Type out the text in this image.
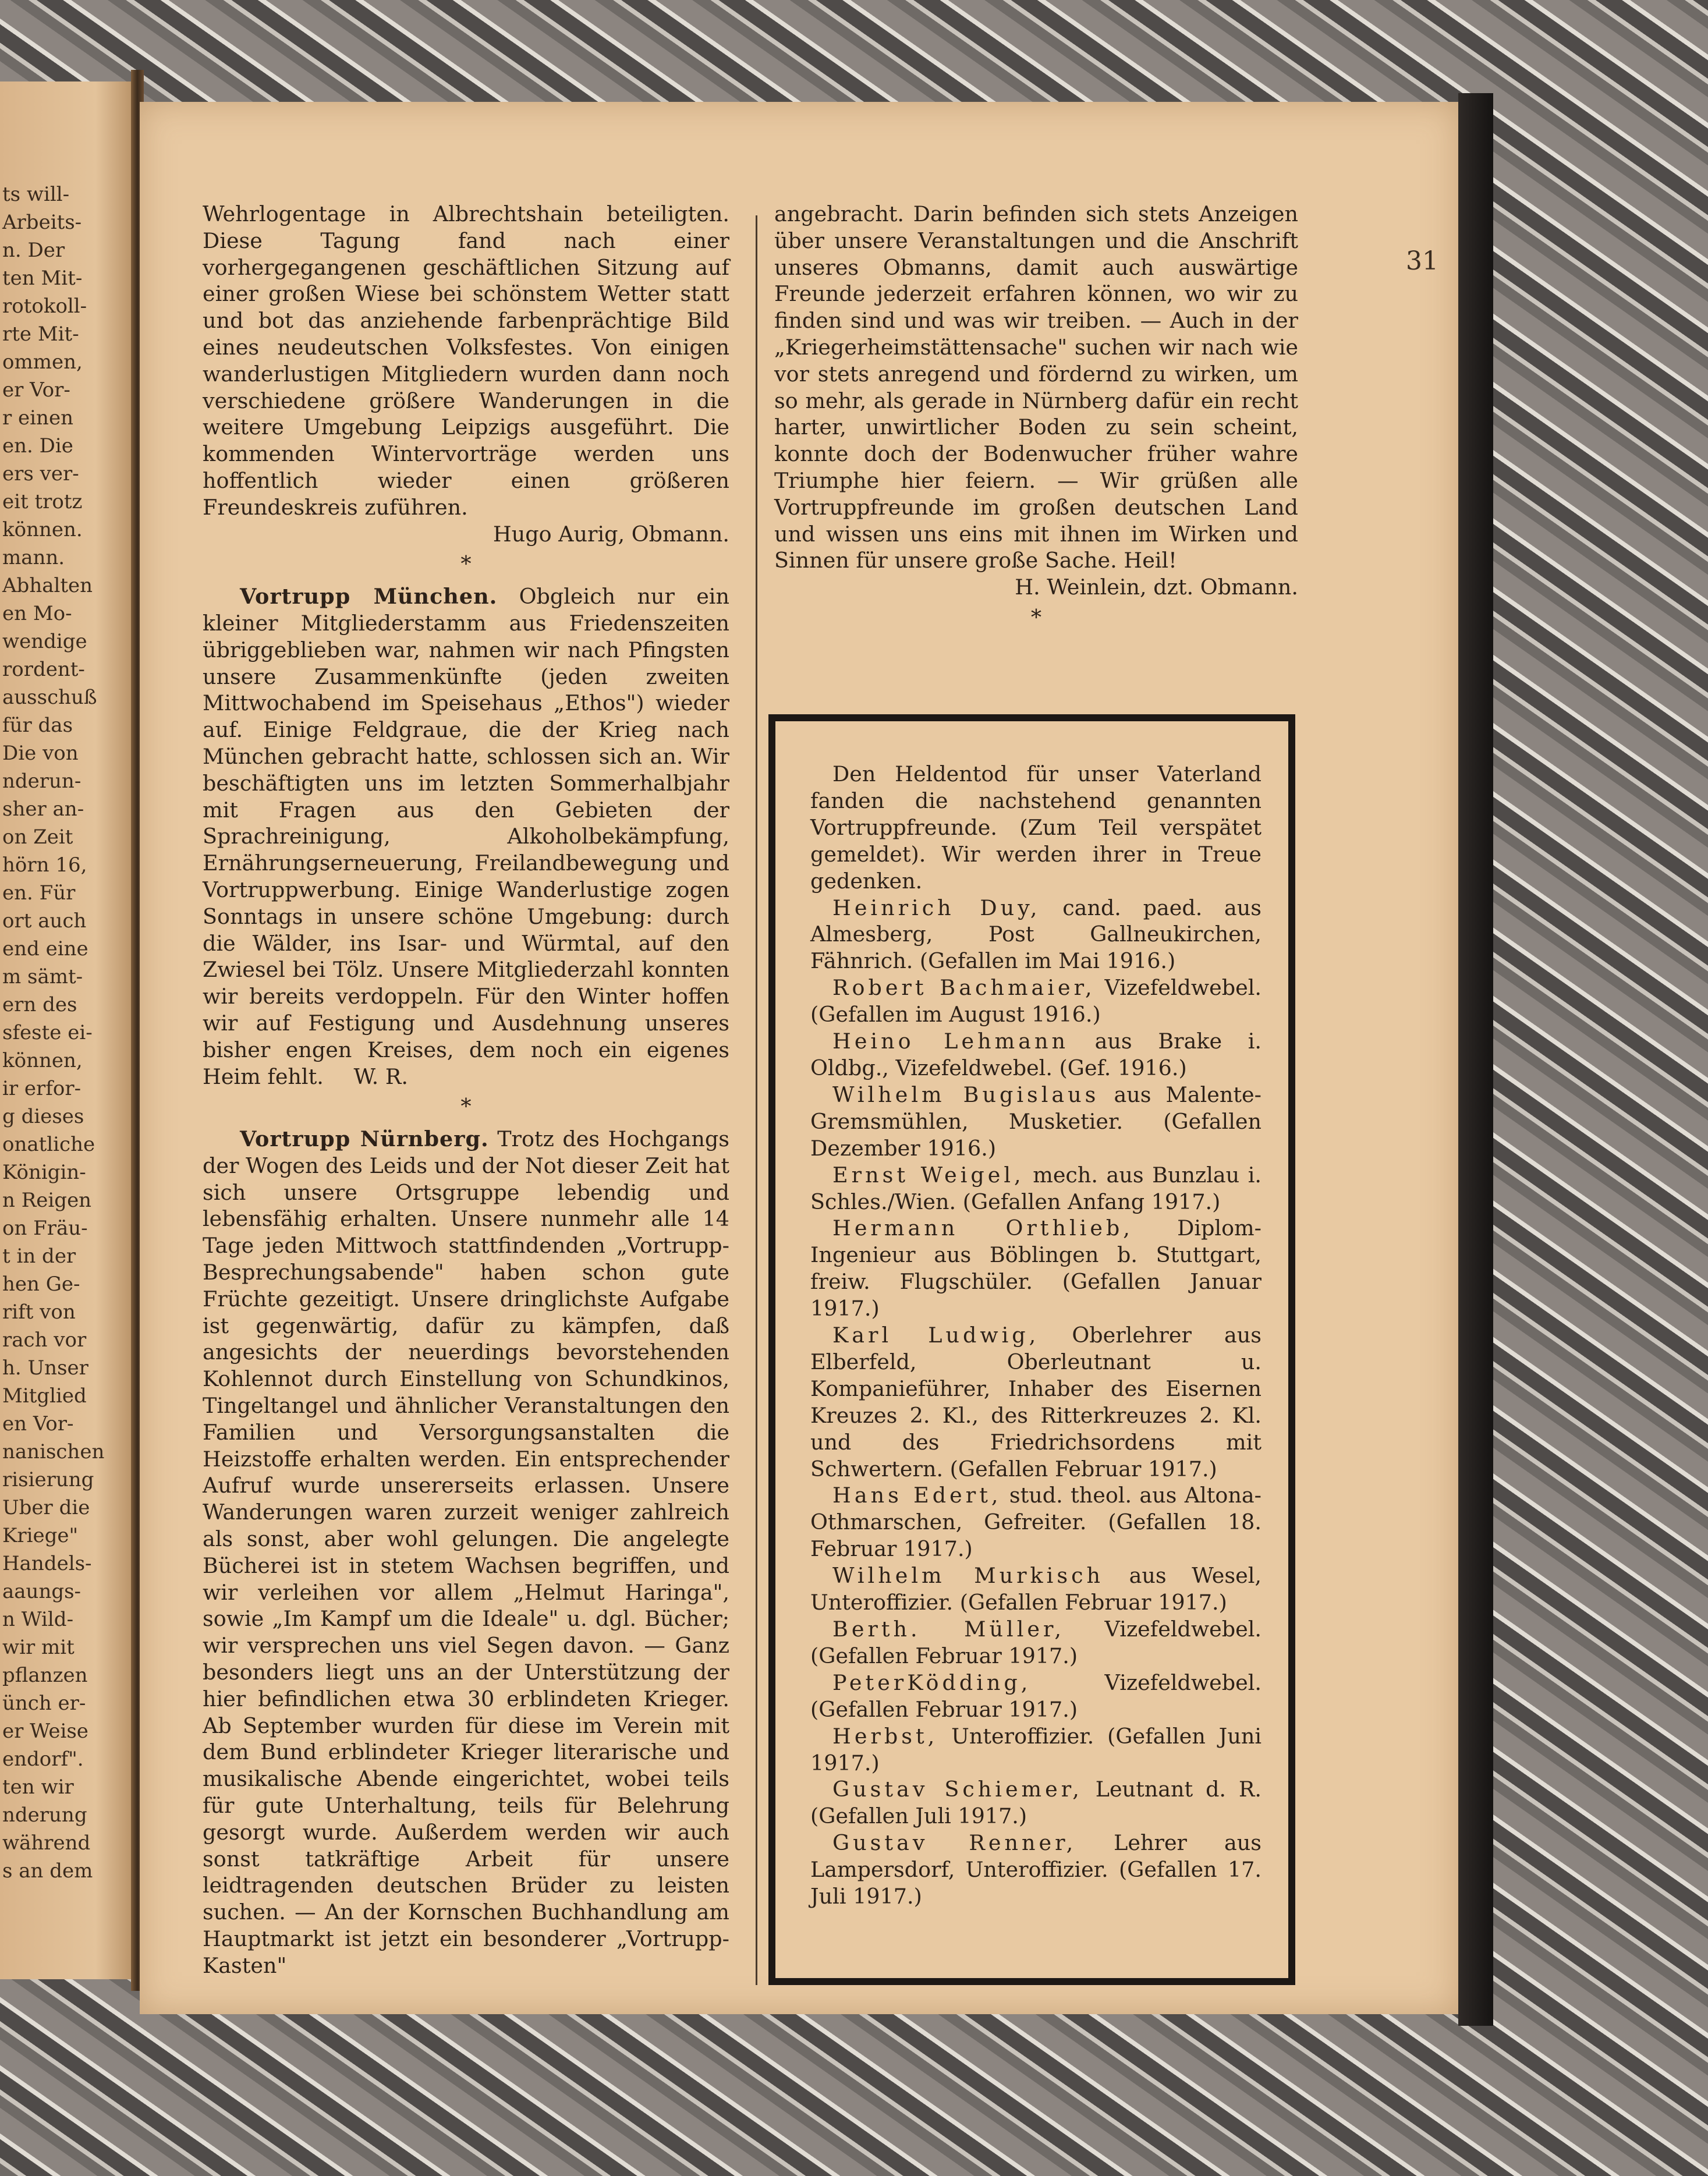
ts will-
Arbeits-
n. Der
ten Mit-
rotokoll-
rte Mit-
ommen,
er Vor-
r einen
en. Die
ers ver-
eit trotz
können.
mann.
Abhalten
en Mo-
wendige
rordent-
ausschuß
für das
Die von
nderun-
sher an-
on Zeit
hörn 16,
en. Für
ort auch
end eine
m sämt-
ern des
sfeste ei-
können,
ir erfor-
g dieses
onatliche
Königin-
n Reigen
on Fräu-
t in der
hen Ge-
rift von
rach vor
h. Unser
Mitglied
en Vor-
nanischen
risierung
Uber die
Kriege"
Handels-
aaungs-
n Wild-
wir mit
pflanzen
ünch er-
er Weise
endorf".
ten wir
nderung
während
s an dem
31

Wehrlogentage in Albrechtshain beteiligten. Diese Tagung fand nach einer vorhergegangenen geschäftlichen Sitzung auf einer großen Wiese bei schönstem Wetter statt und bot das anziehende farbenprächtige Bild eines neudeutschen Volksfestes. Von einigen wanderlustigen Mitgliedern wurden dann noch verschiedene größere Wanderungen in die weitere Umgebung Leipzigs ausgeführt. Die kommenden Wintervorträge werden uns hoffentlich wieder einen größeren Freundeskreis zuführen.

Hugo Aurig, Obmann.

*

Vortrupp München. Obgleich nur ein kleiner Mitgliederstamm aus Friedenszeiten übriggeblieben war, nahmen wir nach Pfingsten unsere Zusammenkünfte (jeden zweiten Mittwochabend im Speisehaus „Ethos") wieder auf. Einige Feldgraue, die der Krieg nach München gebracht hatte, schlossen sich an. Wir beschäftigten uns im letzten Sommerhalbjahr mit Fragen aus den Gebieten der Sprachreinigung, Alkoholbekämpfung, Ernährungserneuerung, Freilandbewegung und Vortruppwerbung. Einige Wanderlustige zogen Sonntags in unsere schöne Umgebung: durch die Wälder, ins Isar- und Würmtal, auf den Zwiesel bei Tölz. Unsere Mitgliederzahl konnten wir bereits verdoppeln. Für den Winter hoffen wir auf Festigung und Ausdehnung unseres bisher engen Kreises, dem noch ein eigenes Heim fehlt. W. R.

*

Vortrupp Nürnberg. Trotz des Hochgangs der Wogen des Leids und der Not dieser Zeit hat sich unsere Ortsgruppe lebendig und lebensfähig erhalten. Unsere nunmehr alle 14 Tage jeden Mittwoch stattfindenden „Vortrupp-Besprechungsabende" haben schon gute Früchte gezeitigt. Unsere dringlichste Aufgabe ist gegenwärtig, dafür zu kämpfen, daß angesichts der neuerdings bevorstehenden Kohlennot durch Einstellung von Schundkinos, Tingeltangel und ähnlicher Veranstaltungen den Familien und Versorgungsanstalten die Heizstoffe erhalten werden. Ein entsprechender Aufruf wurde unsererseits erlassen. Unsere Wanderungen waren zurzeit weniger zahlreich als sonst, aber wohl gelungen. Die angelegte Bücherei ist in stetem Wachsen begriffen, und wir verleihen vor allem „Helmut Haringa", sowie „Im Kampf um die Ideale" u. dgl. Bücher; wir versprechen uns viel Segen davon. — Ganz besonders liegt uns an der Unterstützung der hier befindlichen etwa 30 erblindeten Krieger. Ab September wurden für diese im Verein mit dem Bund erblindeter Krieger literarische und musikalische Abende eingerichtet, wobei teils für gute Unterhaltung, teils für Belehrung gesorgt wurde. Außerdem werden wir auch sonst tatkräftige Arbeit für unsere leidtragenden deutschen Brüder zu leisten suchen. — An der Kornschen Buchhandlung am Hauptmarkt ist jetzt ein besonderer „Vortrupp-Kasten"

angebracht. Darin befinden sich stets Anzeigen über unsere Veranstaltungen und die Anschrift unseres Obmanns, damit auch auswärtige Freunde jederzeit erfahren können, wo wir zu finden sind und was wir treiben. — Auch in der „Kriegerheimstättensache" suchen wir nach wie vor stets anregend und fördernd zu wirken, um so mehr, als gerade in Nürnberg dafür ein recht harter, unwirtlicher Boden zu sein scheint, konnte doch der Bodenwucher früher wahre Triumphe hier feiern. — Wir grüßen alle Vortruppfreunde im großen deutschen Land und wissen uns eins mit ihnen im Wirken und Sinnen für unsere große Sache. Heil!

H. Weinlein, dzt. Obmann.

*

Den Heldentod für unser Vaterland fanden die nachstehend genannten Vortruppfreunde. (Zum Teil verspätet gemeldet). Wir werden ihrer in Treue gedenken.

Heinrich Duy, cand. paed. aus Almesberg, Post Gallneukirchen, Fähnrich. (Gefallen im Mai 1916.)

Robert Bachmaier, Vizefeldwebel. (Gefallen im August 1916.)

Heino Lehmann aus Brake i. Oldbg., Vizefeldwebel. (Gef. 1916.)

Wilhelm Bugislaus aus Malente-Gremsmühlen, Musketier. (Gefallen Dezember 1916.)

Ernst Weigel, mech. aus Bunzlau i. Schles./Wien. (Gefallen Anfang 1917.)

Hermann Orthlieb, Diplom-Ingenieur aus Böblingen b. Stuttgart, freiw. Flugschüler. (Gefallen Januar 1917.)

Karl Ludwig, Oberlehrer aus Elberfeld, Oberleutnant u. Kompanieführer, Inhaber des Eisernen Kreuzes 2. Kl., des Ritterkreuzes 2. Kl. und des Friedrichsordens mit Schwertern. (Gefallen Februar 1917.)

Hans Edert, stud. theol. aus Altona-Othmarschen, Gefreiter. (Gefallen 18. Februar 1917.)

Wilhelm Murkisch aus Wesel, Unteroffizier. (Gefallen Februar 1917.)

Berth. Müller, Vizefeldwebel. (Gefallen Februar 1917.)

PeterKödding,	Vizefeldwebel. (Gefallen Februar 1917.)

Herbst, Unteroffizier. (Gefallen Juni 1917.)

Gustav Schiemer, Leutnant d. R. (Gefallen Juli 1917.)

Gustav Renner, Lehrer aus Lampersdorf, Unteroffizier. (Gefallen 17. Juli 1917.)
